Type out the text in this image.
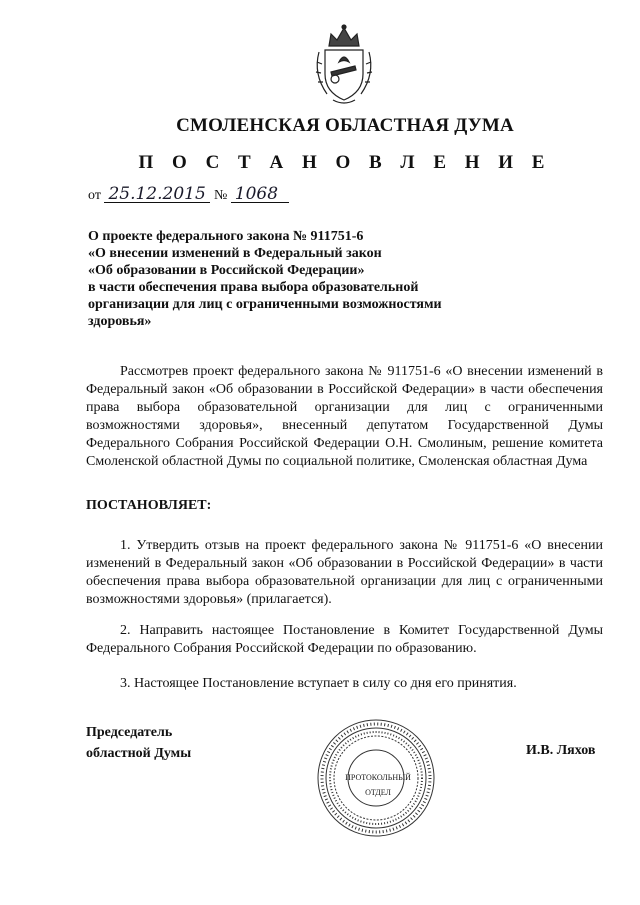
СМОЛЕНСКАЯ ОБЛАСТНАЯ ДУМА
П О С Т А Н О В Л Е Н И Е
от 25.12.2015 № 1068
О проекте федерального закона № 911751-6
«О внесении изменений в Федеральный закон
«Об образовании в Российской Федерации»
в части обеспечения права выбора образовательной
организации для лиц с ограниченными возможностями
здоровья»
Рассмотрев проект федерального закона № 911751-6 «О внесении изменений в Федеральный закон «Об образовании в Российской Федерации» в части обеспечения права выбора образовательной организации для лиц с ограниченными возможностями здоровья», внесенный депутатом Государственной Думы Федерального Собрания Российской Федерации О.Н. Смолиным, решение комитета Смоленской областной Думы по социальной политике, Смоленская областная Дума
ПОСТАНОВЛЯЕТ:
1. Утвердить отзыв на проект федерального закона № 911751-6 «О внесении изменений в Федеральный закон «Об образовании в Российской Федерации» в части обеспечения права выбора образовательной организации для лиц с ограниченными возможностями здоровья» (прилагается).
2. Направить настоящее Постановление в Комитет Государственной Думы Федерального Собрания Российской Федерации по образованию.
3. Настоящее Постановление вступает в силу со дня его принятия.
Председатель
областной Думы	И.В. Ляхов
ПРОТОКОЛЬНЫЙ
ОТДЕЛ
